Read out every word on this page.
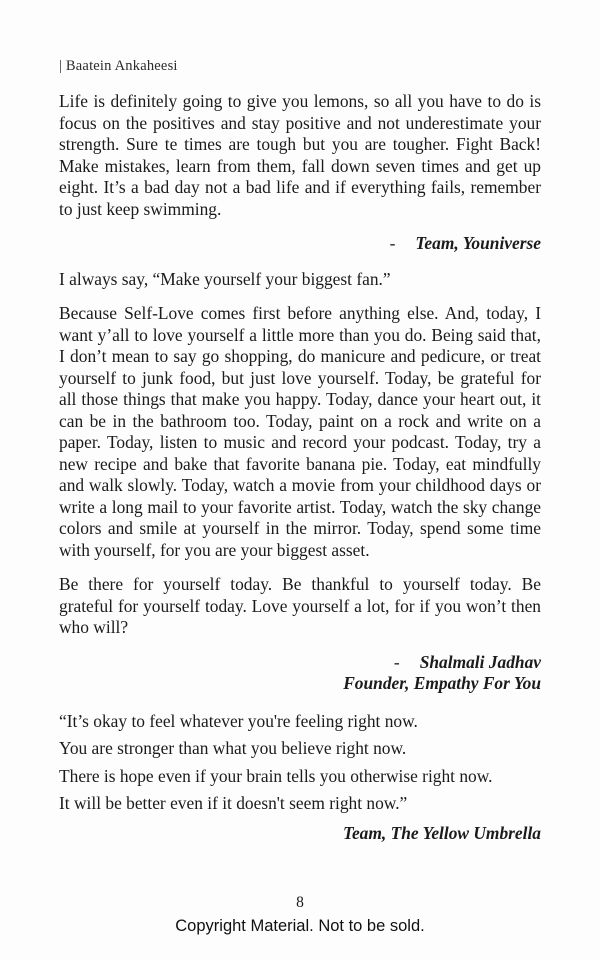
| Baatein Ankaheesi

Life is definitely going to give you lemons, so all you have to do is focus on the positives and stay positive and not underestimate your strength. Sure te times are tough but you are tougher. Fight Back! Make mistakes, learn from them, fall down seven times and get up eight. It’s a bad day not a bad life and if everything fails, remember to just keep swimming.

- Team, Youniverse

I always say, “Make yourself your biggest fan.”

Because Self-Love comes first before anything else. And, today, I want y’all to love yourself a little more than you do. Being said that, I don’t mean to say go shopping, do manicure and pedicure, or treat yourself to junk food, but just love yourself. Today, be grateful for all those things that make you happy. Today, dance your heart out, it can be in the bathroom too. Today, paint on a rock and write on a paper. Today, listen to music and record your podcast. Today, try a new recipe and bake that favorite banana pie. Today, eat mindfully and walk slowly. Today, watch a movie from your childhood days or write a long mail to your favorite artist. Today, watch the sky change colors and smile at yourself in the mirror. Today, spend some time with yourself, for you are your biggest asset.

Be there for yourself today. Be thankful to yourself today. Be grateful for yourself today. Love yourself a lot, for if you won’t then who will?

- Shalmali Jadhav
Founder, Empathy For You

“It’s okay to feel whatever you're feeling right now.

You are stronger than what you believe right now.

There is hope even if your brain tells you otherwise right now.

It will be better even if it doesn't seem right now.”

Team, The Yellow Umbrella
8
Copyright Material. Not to be sold.
